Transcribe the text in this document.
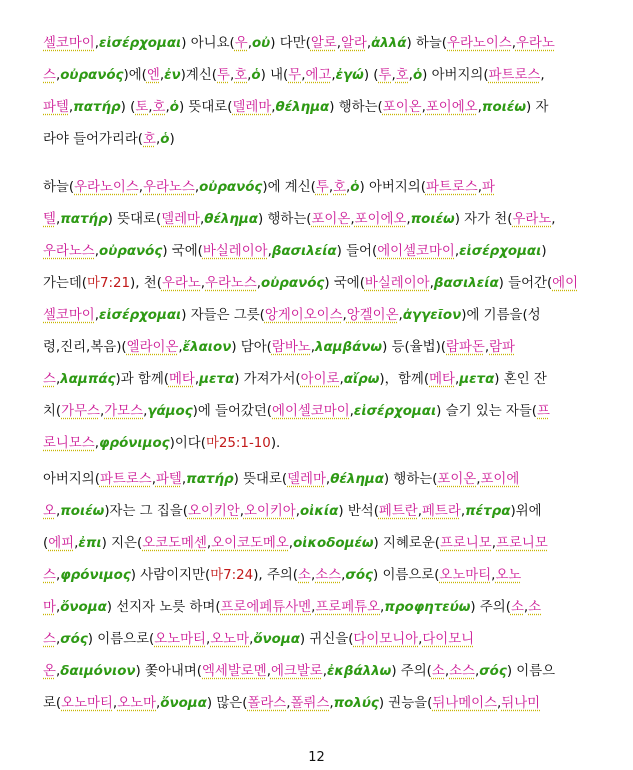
셀코마이,εἰσέρχομαι) 아니요(우,οὐ) 다만(알로,알라,ἀλλά) 하늘(우라노이스,우라노
스,οὐρανός)에(엔,ἐν)계신(투,호,ὁ) 내(무,에고,ἐγώ) (투,호,ὁ) 아버지의(파트로스,
파텔,πατήρ) (토,호,ὁ) 뜻대로(델레마,θέλημα) 행하는(포이온,포이에오,ποιέω) 자
라야 들어가리라(호,ὁ)
하늘(우라노이스,우라노스,οὐρανός)에 계신(투,호,ὁ) 아버지의(파트로스,파
텔,πατήρ) 뜻대로(델레마,θέλημα) 행하는(포이온,포이에오,ποιέω) 자가 천(우라노,
우라노스,οὐρανός) 국에(바실레이아,βασιλεία) 들어(에이셀코마이,εἰσέρχομαι)
가는데(마7:21), 천(우라노,우라노스,οὐρανός) 국에(바실레이아,βασιλεία) 들어간(에이
셀코마이,εἰσέρχομαι) 자들은 그릇(앙게이오이스,앙겔이온,ἀγγεῖον)에 기름을(성
령,진리,복음)(엘라이온,ἔλαιον) 담아(람바노,λαμβάνω) 등(율법)(람파돈,람파
스,λαμπάς)과 함께(메타,μετα) 가져가서(아이로,αἴρω)，함께(메타,μετα) 혼인 잔
치(가무스,가모스,γάμος)에 들어갔던(에이셀코마이,εἰσέρχομαι) 슬기 있는 자들(프
로니모스,φρόνιμος)이다(마25:1-10).
아버지의(파트로스,파텔,πατήρ) 뜻대로(델레마,θέλημα) 행하는(포이온,포이에
오,ποιέω)자는 그 집을(오이키안,오이키아,οἰκία) 반석(페트란,페트라,πέτρα)위에
(에피,ἐπι) 지은(오코도메센,오이코도메오,οἰκοδομέω) 지혜로운(프로니모,프로니모
스,φρόνιμος) 사람이지만(마7:24), 주의(소,소스,σός) 이름으로(오노마티,오노
마,ὄνομα) 선지자 노릇 하며(프로에페튜사멘,프로페튜오,προφητεύω) 주의(소,소
스,σός) 이름으로(오노마티,오노마,ὄνομα) 귀신을(다이모니아,다이모니
온,δαιμόνιον) 쫓아내며(엑세발로멘,에크발로,ἐκβάλλω) 주의(소,소스,σός) 이름으
로(오노마티,오노마,ὄνομα) 많은(폴라스,폴뤼스,πολύς) 권능을(뒤나메이스,뒤나미
12
